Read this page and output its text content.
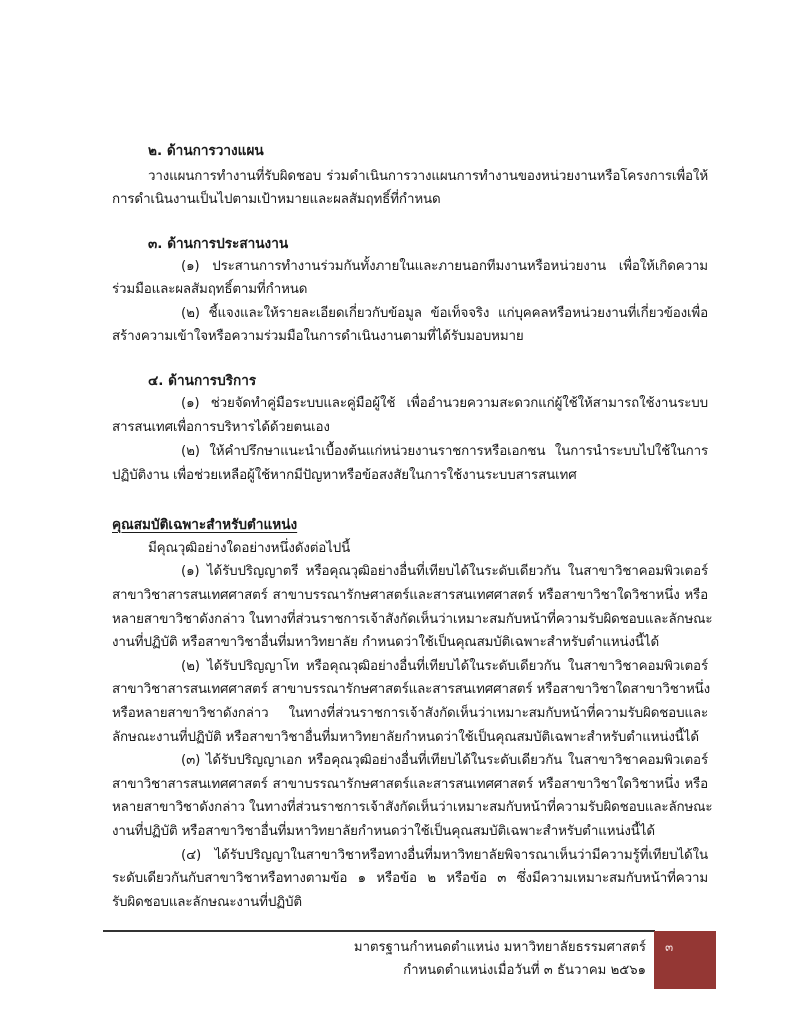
๒. ด้านการวางแผน
วางแผนการทำงานที่รับผิดชอบ ร่วมดำเนินการวางแผนการทำงานของหน่วยงานหรือโครงการเพื่อให้
การดำเนินงานเป็นไปตามเป้าหมายและผลสัมฤทธิ์ที่กำหนด
๓. ด้านการประสานงาน
(๑) ประสานการทำงานร่วมกันทั้งภายในและภายนอกทีมงานหรือหน่วยงาน เพื่อให้เกิดความ
ร่วมมือและผลสัมฤทธิ์ตามที่กำหนด
(๒) ชี้แจงและให้รายละเอียดเกี่ยวกับข้อมูล ข้อเท็จจริง แก่บุคคลหรือหน่วยงานที่เกี่ยวข้องเพื่อ
สร้างความเข้าใจหรือความร่วมมือในการดำเนินงานตามที่ได้รับมอบหมาย
๔. ด้านการบริการ
(๑) ช่วยจัดทำคู่มือระบบและคู่มือผู้ใช้ เพื่ออำนวยความสะดวกแก่ผู้ใช้ให้สามารถใช้งานระบบ
สารสนเทศเพื่อการบริหารได้ด้วยตนเอง
(๒) ให้คำปรึกษาแนะนำเบื้องต้นแก่หน่วยงานราชการหรือเอกชน ในการนำระบบไปใช้ในการ
ปฏิบัติงาน เพื่อช่วยเหลือผู้ใช้หากมีปัญหาหรือข้อสงสัยในการใช้งานระบบสารสนเทศ
คุณสมบัติเฉพาะสำหรับตำแหน่ง
มีคุณวุฒิอย่างใดอย่างหนึ่งดังต่อไปนี้
(๑) ได้รับปริญญาตรี หรือคุณวุฒิอย่างอื่นที่เทียบได้ในระดับเดียวกัน ในสาขาวิชาคอมพิวเตอร์
สาขาวิชาสารสนเทศศาสตร์ สาขาบรรณารักษศาสตร์และสารสนเทศศาสตร์ หรือสาขาวิชาใดวิชาหนึ่ง หรือ
หลายสาขาวิชาดังกล่าว ในทางที่ส่วนราชการเจ้าสังกัดเห็นว่าเหมาะสมกับหน้าที่ความรับผิดชอบและลักษณะ
งานที่ปฏิบัติ หรือสาขาวิชาอื่นที่มหาวิทยาลัย กำหนดว่าใช้เป็นคุณสมบัติเฉพาะสำหรับตำแหน่งนี้ได้
(๒) ได้รับปริญญาโท หรือคุณวุฒิอย่างอื่นที่เทียบได้ในระดับเดียวกัน ในสาขาวิชาคอมพิวเตอร์
สาขาวิชาสารสนเทศศาสตร์ สาขาบรรณารักษศาสตร์และสารสนเทศศาสตร์ หรือสาขาวิชาใดสาขาวิชาหนึ่ง
หรือหลายสาขาวิชาดังกล่าว ในทางที่ส่วนราชการเจ้าสังกัดเห็นว่าเหมาะสมกับหน้าที่ความรับผิดชอบและ
ลักษณะงานที่ปฏิบัติ หรือสาขาวิชาอื่นที่มหาวิทยาลัยกำหนดว่าใช้เป็นคุณสมบัติเฉพาะสำหรับตำแหน่งนี้ได้
(๓) ได้รับปริญญาเอก หรือคุณวุฒิอย่างอื่นที่เทียบได้ในระดับเดียวกัน ในสาขาวิชาคอมพิวเตอร์
สาขาวิชาสารสนเทศศาสตร์ สาขาบรรณารักษศาสตร์และสารสนเทศศาสตร์ หรือสาขาวิชาใดวิชาหนึ่ง หรือ
หลายสาขาวิชาดังกล่าว ในทางที่ส่วนราชการเจ้าสังกัดเห็นว่าเหมาะสมกับหน้าที่ความรับผิดชอบและลักษณะ
งานที่ปฏิบัติ หรือสาขาวิชาอื่นที่มหาวิทยาลัยกำหนดว่าใช้เป็นคุณสมบัติเฉพาะสำหรับตำแหน่งนี้ได้
(๔) ได้รับปริญญาในสาขาวิชาหรือทางอื่นที่มหาวิทยาลัยพิจารณาเห็นว่ามีความรู้ที่เทียบได้ใน
ระดับเดียวกันกับสาขาวิชาหรือทางตามข้อ ๑ หรือข้อ ๒ หรือข้อ ๓ ซึ่งมีความเหมาะสมกับหน้าที่ความ
รับผิดชอบและลักษณะงานที่ปฏิบัติ
มาตรฐานกำหนดตำแหน่ง มหาวิทยาลัยธรรมศาสตร์
กำหนดตำแหน่งเมื่อวันที่ ๓ ธันวาคม ๒๕๖๑
๓
